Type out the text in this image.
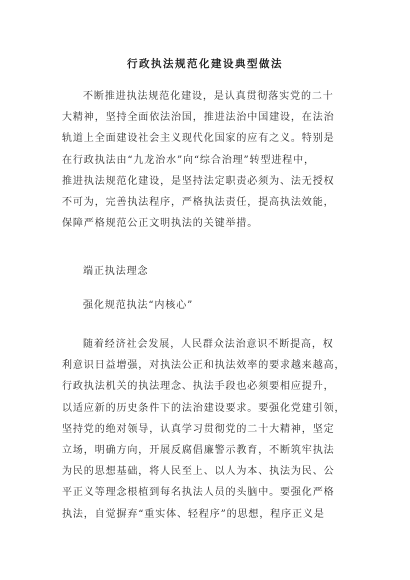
行政执法规范化建设典型做法
不断推进执法规范化建设，是认真贯彻落实党的二十
大精神，坚持全面依法治国，推进法治中国建设，在法治
轨道上全面建设社会主义现代化国家的应有之义。特别是
在行政执法由“九龙治水”向“综合治理”转型进程中，
推进执法规范化建设，是坚持法定职责必须为、法无授权
不可为，完善执法程序，严格执法责任，提高执法效能，
保障严格规范公正文明执法的关键举措。
端正执法理念
强化规范执法“内核心”
随着经济社会发展，人民群众法治意识不断提高，权
利意识日益增强，对执法公正和执法效率的要求越来越高，
行政执法机关的执法理念、执法手段也必须要相应提升，
以适应新的历史条件下的法治建设要求。要强化党建引领，
坚持党的绝对领导，认真学习贯彻党的二十大精神，坚定
立场，明确方向，开展反腐倡廉警示教育，不断筑牢执法
为民的思想基础，将人民至上、以人为本、执法为民、公
平正义等理念根植到每名执法人员的头脑中。要强化严格
执法，自觉摒弃“重实体、轻程序”的思想，程序正义是
